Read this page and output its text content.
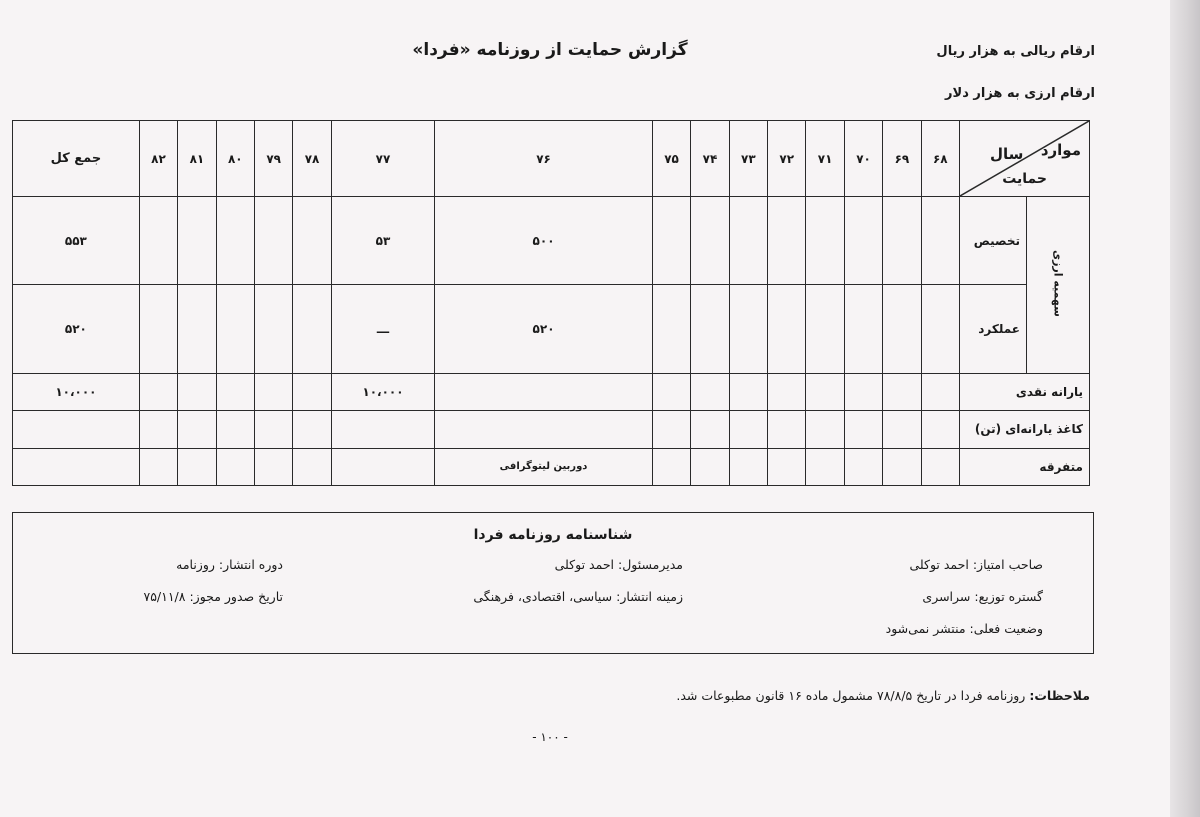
ارقام ریالی به هزار ریال
ارقام ارزی به هزار دلار
گزارش حمایت از روزنامه «فردا»
موارد
سال
حمایت		۶۸	۶۹	۷۰	۷۱	۷۲	۷۳	۷۴	۷۵	۷۶	۷۷	۷۸	۷۹	۸۰	۸۱	۸۲	جمع کل
سهمیه ارزی	تخصیص									۵۰۰	۵۳						۵۵۳
	عملکرد									۵۲۰	ـــ						۵۲۰
یارانه نقدی											۱۰،۰۰۰						۱۰،۰۰۰
کاغذ یارانه‌ای (تن)																	
متفرقه										دوربین لیتوگرافی							
شناسنامه روزنامه فردا
صاحب امتیاز: احمد توکلی
مدیرمسئول: احمد توکلی
دوره انتشار: روزنامه
گستره توزیع: سراسری
زمینه انتشار: سیاسی، اقتصادی، فرهنگی
تاریخ صدور مجوز: ۷۵/۱۱/۸
وضعیت فعلی: منتشر نمی‌شود
ملاحظات: روزنامه فردا در تاریخ ۷۸/۸/۵ مشمول ماده ۱۶ قانون مطبوعات شد.
- ۱۰۰ -
